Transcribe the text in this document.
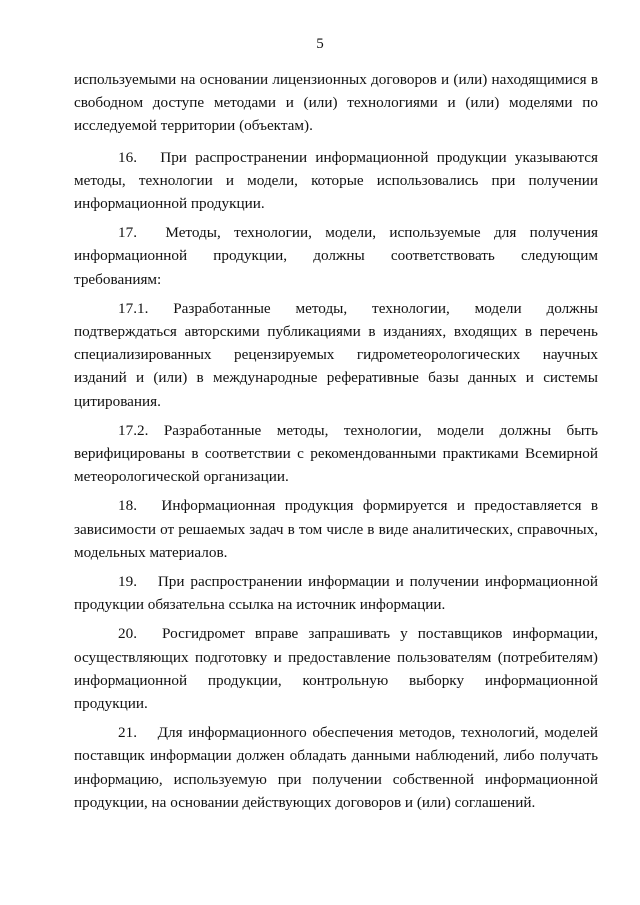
5

используемыми на основании лицензионных договоров и (или) находящимися в свободном доступе методами и (или) технологиями и (или) моделями по исследуемой территории (объектам).

16. При распространении информационной продукции указываются методы, технологии и модели, которые использовались при получении информационной продукции.

17. Методы, технологии, модели, используемые для получения информационной продукции, должны соответствовать следующим требованиям:

17.1. Разработанные методы, технологии, модели должны подтверждаться авторскими публикациями в изданиях, входящих в перечень специализированных рецензируемых гидрометеорологических научных изданий и (или) в международные реферативные базы данных и системы цитирования.

17.2. Разработанные методы, технологии, модели должны быть верифицированы в соответствии с рекомендованными практиками Всемирной метеорологической организации.

18. Информационная продукция формируется и предоставляется в зависимости от решаемых задач в том числе в виде аналитических, справочных, модельных материалов.

19. При распространении информации и получении информационной продукции обязательна ссылка на источник информации.

20. Росгидромет вправе запрашивать у поставщиков информации, осуществляющих подготовку и предоставление пользователям (потребителям) информационной продукции, контрольную выборку информационной продукции.

21. Для информационного обеспечения методов, технологий, моделей поставщик информации должен обладать данными наблюдений, либо получать информацию, используемую при получении собственной информационной продукции, на основании действующих договоров и (или) соглашений.
